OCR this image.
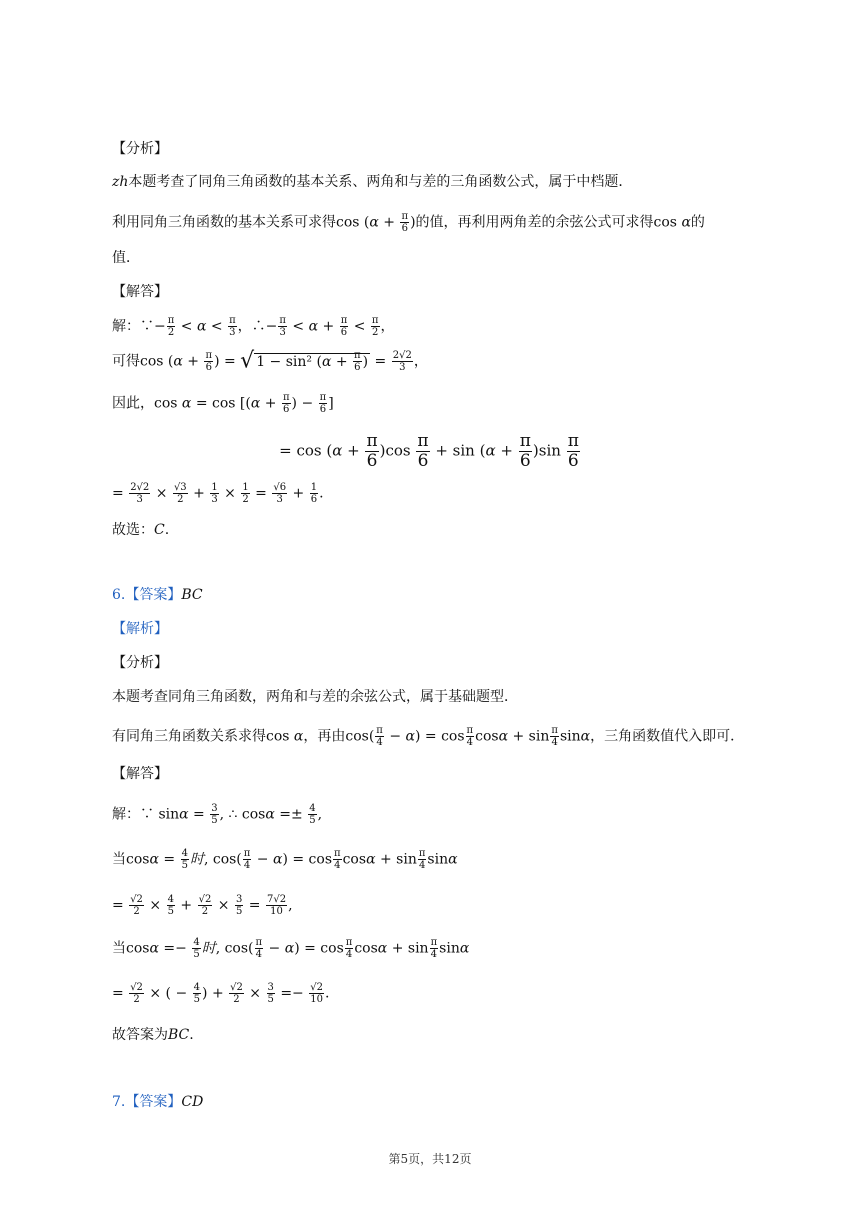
【分析】
zh本题考查了同角三角函数的基本关系、两角和与差的三角函数公式，属于中档题．
利用同角三角函数的基本关系可求得$\cos (\alpha + \frac{\pi}{6}$ )的值，再利用两角差的余弦公式可求得cos α的
值．
【解答】
解：∵− $\frac{\pi}{2} < \alpha < \frac{\pi}{3}$ ，∴− $\frac{\pi}{3} < \alpha + \frac{\pi}{6} < \frac{\pi}{2}$ ，
可得$\cos (\alpha + \frac{\pi}{6}$ ) = √ 1 − sin² ($\alpha + \frac{\pi}{6}$ ) = $\frac{2√2}{3}$ ，
因此，$\cos \alpha = \cos [(\alpha + \frac{\pi}{6}$ ) − $\frac{\pi}{6}$ ]
= $\cos (\alpha + \frac{\pi}{6} )\cos \frac{\pi}{6} + \sin (\alpha + \frac{\pi}{6} )\sin \frac{\pi}{6}$
= $\frac{2√2}{3} \times \frac{√3}{2} + \frac{1}{3} \times \frac{1}{2} = \frac{√6}{3} + \frac{1}{6}$ .
故选：C.
6.【答案】BC
【解析】
【分析】
本题考查同角三角函数，两角和与差的余弦公式，属于基础题型．
有同角三角函数关系求得cos α，再由$\cos( \frac{\pi}{4} - \alpha) = \cos \frac{\pi}{4}$ $\cos\alpha + \sin \frac{\pi}{4}$ sinα，三角函数值代入即可．
【解答】
解：∵ $\sin\alpha = \frac{3}{5}$ , ∴ $\cos\alpha =\pm \frac{4}{5}$ ,
当$\cos\alpha = \frac{4}{5}$ 时, $\cos( \frac{\pi}{4} - \alpha) = \cos \frac{\pi}{4}$ $\cos\alpha + \sin \frac{\pi}{4}$ sinα
= $\frac{√2}{2} \times \frac{4}{5} + \frac{√2}{2} \times \frac{3}{5} = \frac{7√2}{10}$ ,
当$\cos\alpha =- \frac{4}{5}$ 时, $\cos( \frac{\pi}{4} - \alpha) = \cos \frac{\pi}{4}$ $\cos\alpha + \sin \frac{\pi}{4}$ sinα
= $\frac{√2}{2}$ × ( − $\frac{4}{5}$ ) + $\frac{√2}{2} \times \frac{3}{5} =- \frac{√2}{10}$ .
故答案为BC.
7.【答案】CD
第5页，共12页
